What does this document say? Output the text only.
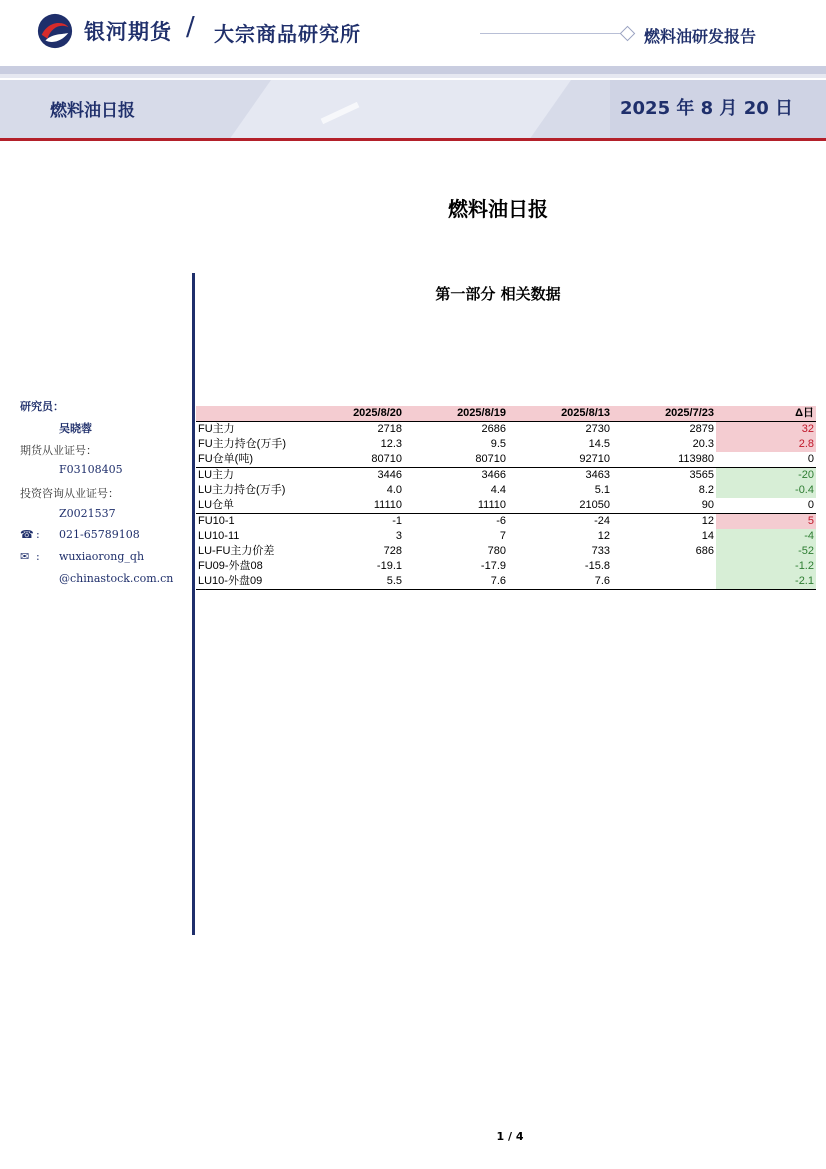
银河期货 / 大宗商品研究所	燃料油研发报告
燃料油日报	2025 年 8 月 20 日
燃料油日报
第一部分 相关数据
研究员：
吴晓蓉
期货从业证号：
F03108405
投资咨询从业证号：
Z0021537
☎ : 021-65789108
✉ : wuxiaorong_qh
@chinastock.com.cn
	2025/8/20	2025/8/19	2025/8/13	2025/7/23	Δ日
FU主力	2718	2686	2730	2879	32
FU主力持仓(万手)	12.3	9.5	14.5	20.3	2.8
FU仓单(吨)	80710	80710	92710	113980	0
LU主力	3446	3466	3463	3565	-20
LU主力持仓(万手)	4.0	4.4	5.1	8.2	-0.4
LU仓单	11110	11110	21050	90	0
FU10-1	-1	-6	-24	12	5
LU10-11	3	7	12	14	-4
LU-FU主力价差	728	780	733	686	-52
FU09-外盘08	-19.1	-17.9	-15.8		-1.2
LU10-外盘09	5.5	7.6	7.6		-2.1
1 / 4
